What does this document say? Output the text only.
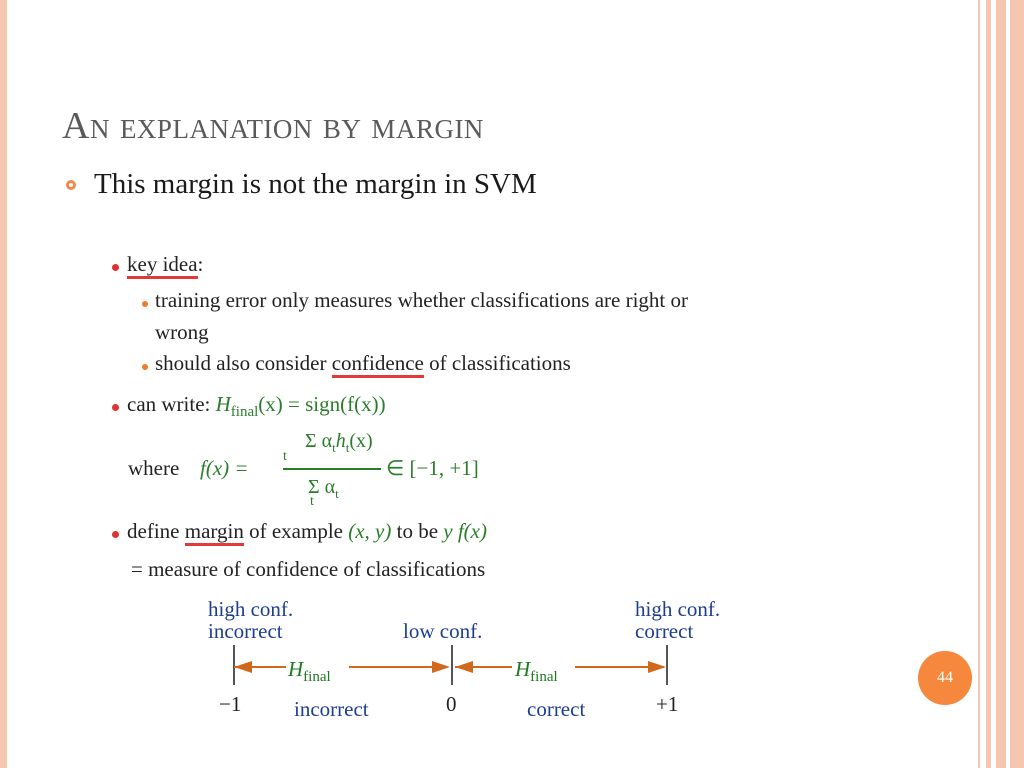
An explanation by margin
This margin is not the margin in SVM
key idea:
training error only measures whether classifications are right or
wrong
should also consider confidence of classifications
can write: $H_{final}(x)$ = sign(f(x))
where f(x) =
Σ $\alpha_th_t(x)$
t
Σ $\alpha_t$
t
∈ [−1, +1]
define margin of example (x, y) to be y f(x)
= measure of confidence of classifications
high conf.
incorrect	low conf.
high conf.
correct
$H_{final}$	$H_{final}$
−1	0	+1
incorrect	correct
44
